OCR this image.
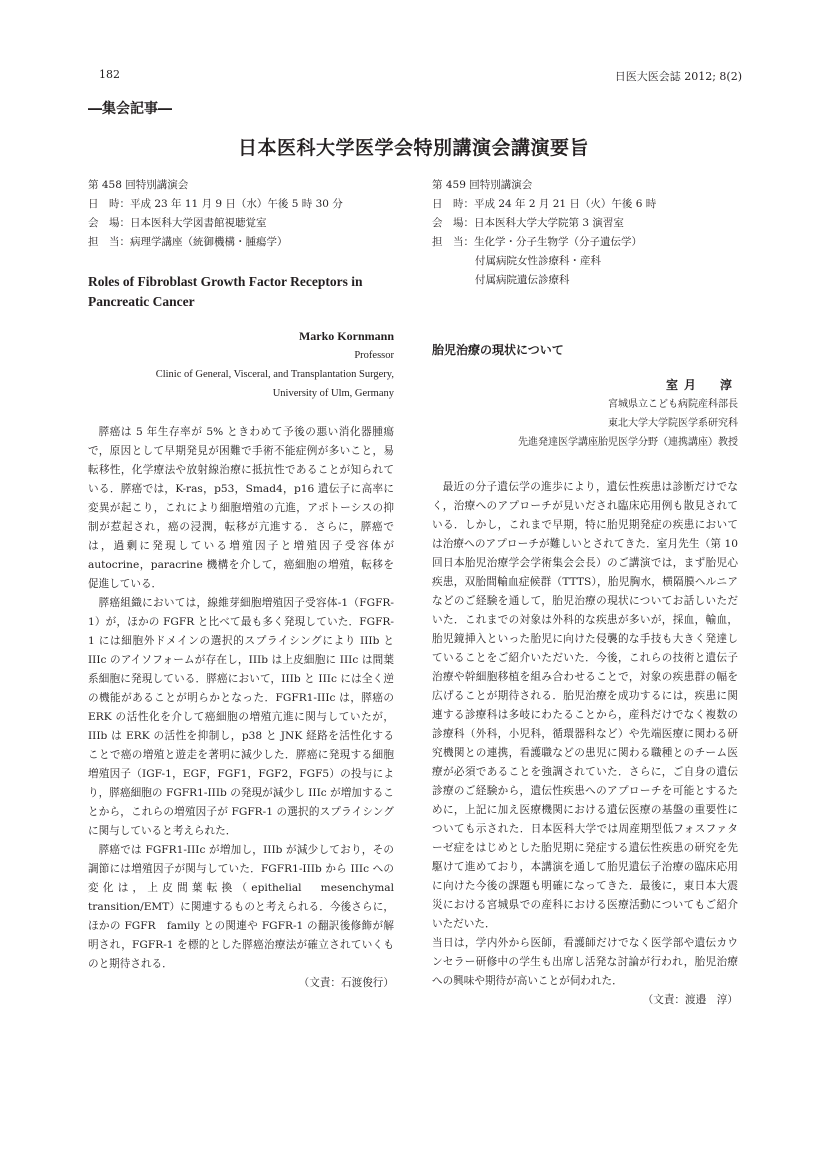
182	日医大医会誌 2012; 8(2)
―集会記事―
日本医科大学医学会特別講演会講演要旨
第 458 回特別講演会
日　時：平成 23 年 11 月 9 日（水）午後 5 時 30 分
会　場：日本医科大学図書館視聴覚室
担　当：病理学講座（統御機構・腫瘍学）
Roles of Fibroblast Growth Factor Receptors in Pancreatic Cancer
Marko Kornmann
Professor
Clinic of General, Visceral, and Transplantation Surgery,
University of Ulm, Germany

膵癌は 5 年生存率が 5% ときわめて予後の悪い消化器腫瘍で，原因として早期発見が困難で手術不能症例が多いこと，易転移性，化学療法や放射線治療に抵抗性であることが知られている．膵癌では，K-ras，p53，Smad4，p16 遺伝子に高率に変異が起こり，これにより細胞増殖の亢進，アポトーシスの抑制が惹起され，癌の浸潤，転移が亢進する．さらに，膵癌では，過剰に発現している増殖因子と増殖因子受容体が autocrine，paracrine 機構を介して，癌細胞の増殖，転移を促進している．

膵癌組織においては，線維芽細胞増殖因子受容体-1（FGFR-1）が，ほかの FGFR と比べて最も多く発現していた．FGFR-1 には細胞外ドメインの選択的スプライシングにより IIIb と IIIc のアイソフォームが存在し，IIIb は上皮細胞に IIIc は間葉系細胞に発現している．膵癌において，IIIb と IIIc には全く逆の機能があることが明らかとなった．FGFR1-IIIc は，膵癌の ERK の活性化を介して癌細胞の増殖亢進に関与していたが，IIIb は ERK の活性を抑制し，p38 と JNK 経路を活性化することで癌の増殖と遊走を著明に減少した．膵癌に発現する細胞増殖因子（IGF-1，EGF，FGF1，FGF2，FGF5）の投与により，膵癌細胞の FGFR1-IIIb の発現が減少し IIIc が増加することから，これらの増殖因子が FGFR-1 の選択的スプライシングに関与していると考えられた．

膵癌では FGFR1-IIIc が増加し，IIIb が減少しており，その調節には増殖因子が関与していた．FGFR1-IIIb から IIIc への変化は，上皮間葉転換（epithelial　mesenchymal transition/EMT）に関連するものと考えられる．今後さらに，ほかの FGFR　family との関連や FGFR-1 の翻訳後修飾が解明され，FGFR-1 を標的とした膵癌治療法が確立されていくものと期待される．

（文責：石渡俊行）
第 459 回特別講演会
日　時：平成 24 年 2 月 21 日（火）午後 6 時
会　場：日本医科大学大学院第 3 演習室
担　当：生化学・分子生物学（分子遺伝学）
付属病院女性診療科・産科
付属病院遺伝診療科
胎児治療の現状について
室月　淳
宮城県立こども病院産科部長
東北大学大学院医学系研究科
先進発達医学講座胎児医学分野（連携講座）教授

最近の分子遺伝学の進歩により，遺伝性疾患は診断だけでなく，治療へのアプローチが見いだされ臨床応用例も散見されている．しかし，これまで早期，特に胎児期発症の疾患においては治療へのアプローチが難しいとされてきた．室月先生（第 10 回日本胎児治療学会学術集会会長）のご講演では，まず胎児心疾患，双胎間輸血症候群（TTTS），胎児胸水，横隔膜ヘルニアなどのご経験を通して，胎児治療の現状についてお話しいただいた．これまでの対象は外科的な疾患が多いが，採血，輸血，胎児鏡挿入といった胎児に向けた侵襲的な手技も大きく発達していることをご紹介いただいた．今後，これらの技術と遺伝子治療や幹細胞移植を組み合わせることで，対象の疾患群の幅を広げることが期待される．胎児治療を成功するには，疾患に関連する診療科は多岐にわたることから，産科だけでなく複数の診療科（外科，小児科，循環器科など）や先端医療に関わる研究機関との連携，看護職などの患児に関わる職種とのチーム医療が必須であることを強調されていた．さらに，ご自身の遺伝診療のご経験から，遺伝性疾患へのアプローチを可能とするために，上記に加え医療機関における遺伝医療の基盤の重要性についても示された．日本医科大学では周産期型低フォスファターゼ症をはじめとした胎児期に発症する遺伝性疾患の研究を先駆けて進めており，本講演を通して胎児遺伝子治療の臨床応用に向けた今後の課題も明確になってきた．最後に，東日本大震災における宮城県での産科における医療活動についてもご紹介いただいた．

当日は，学内外から医師，看護師だけでなく医学部や遺伝カウンセラー研修中の学生も出席し活発な討論が行われ，胎児治療への興味や期待が高いことが伺われた．

（文責：渡邉　淳）
